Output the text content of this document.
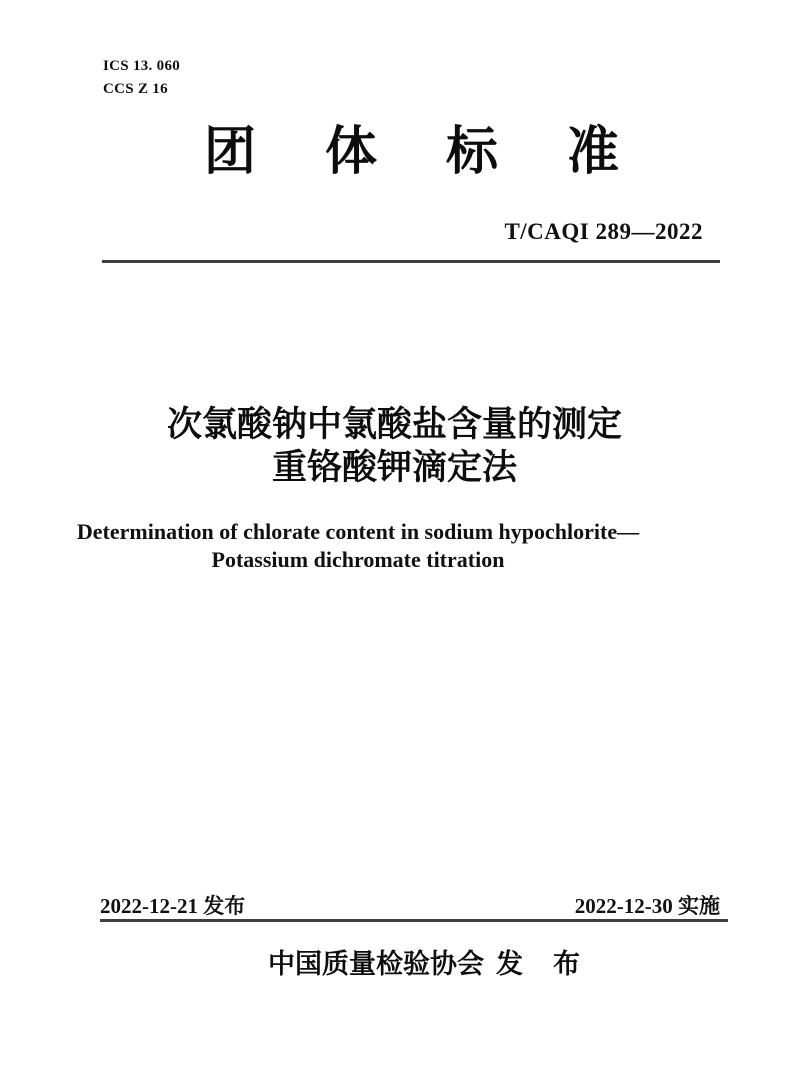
ICS 13. 060
CCS Z 16
团 体 标 准
T/CAQI 289—2022
次氯酸钠中氯酸盐含量的测定
重铬酸钾滴定法
Determination of chlorate content in sodium hypochlorite—
Potassium dichromate titration
2022-12-21 发布	2022-12-30 实施
中国质量检验协会 发 布
